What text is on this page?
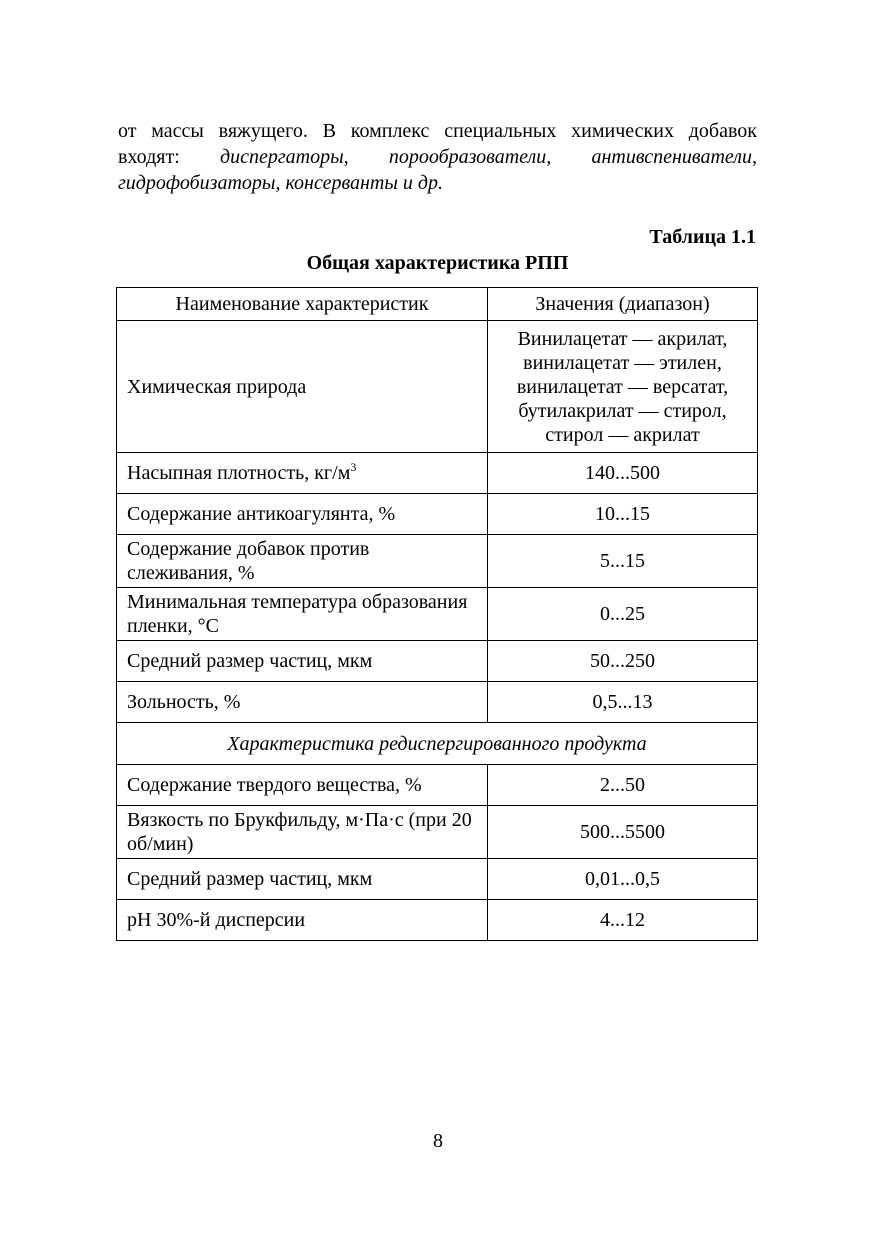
от массы вяжущего. В комплекс специальных химических добавок
входят: диспергаторы, порообразователи, антивспениватели,
гидрофобизаторы, консерванты и др.

Таблица 1.1

Общая характеристика РПП

Наименование характеристик	Значения (диапазон)
Химическая природа	Винилацетат — акрилат,
винилацетат — этилен,
винилацетат — версатат,
бутилакрилат — стирол,
стирол — акрилат

Насыпная плотность, $кг/м^3$	140...500
Содержание антикоагулянта, %	10...15
Содержание добавок против слеживания, %	5...15
Минимальная температура образования пленки, °C	0...25
Средний размер частиц, мкм	50...250
Зольность, %	0,5...13
Характеристика редиспергированного продукта	
Содержание твердого вещества, %	2...50
Вязкость по Брукфильду, м·Па·с (при 20 об/мин)	500...5500
Средний размер частиц, мкм	0,01...0,5
pH 30%-й дисперсии	4...12

8
